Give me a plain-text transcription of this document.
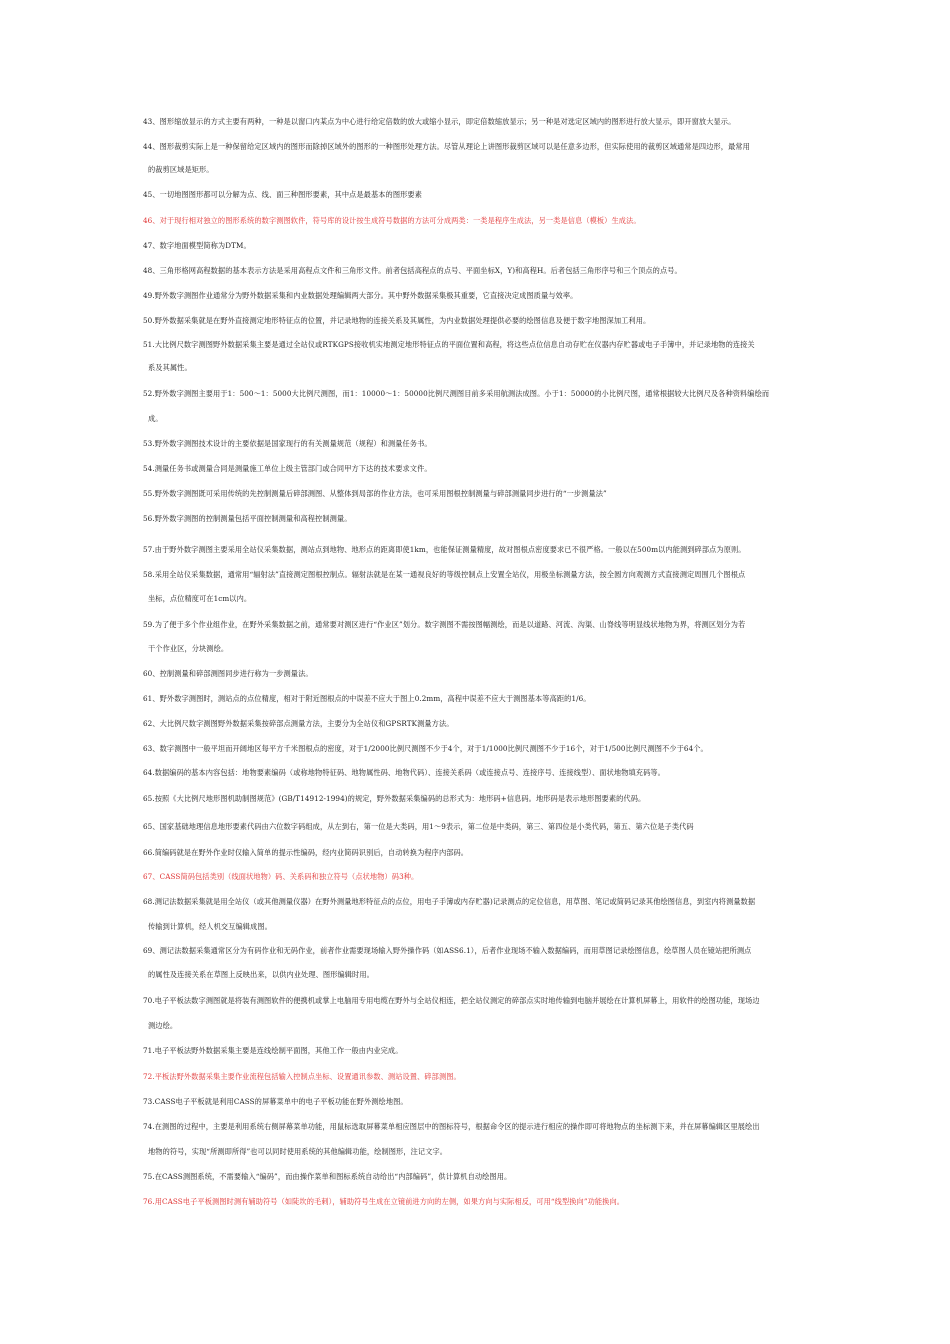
43、图形缩放显示的方式主要有两种，一种是以窗口内某点为中心进行给定倍数的放大或缩小显示，即定倍数缩放显示；另一种是对选定区域内的图形进行放大显示，即开窗放大显示。
44、图形裁剪实际上是一种保留给定区域内的图形而除掉区域外的图形的一种图形处理方法。尽管从理论上讲图形裁剪区域可以是任意多边形，但实际使用的裁剪区域通常是四边形，最常用
的裁剪区域是矩形。
45、一切地图图形都可以分解为点、线、面三种图形要素，其中点是最基本的图形要素
46、对于现行相对独立的图形系统的数字测图软件，符号库的设计按生成符号数据的方法可分成两类：一类是程序生成法，另一类是信息（模板）生成法。
47、数字地面模型简称为DTM。
48、三角形格网高程数据的基本表示方法是采用高程点文件和三角形文件。前者包括高程点的点号、平面坐标X，Y)和高程H。后者包括三角形序号和三个顶点的点号。
49.野外数字测图作业通常分为野外数据采集和内业数据处理编辑两大部分。其中野外数据采集极其重要，它直接决定成图质量与效率。
50.野外数据采集就是在野外直接测定地形特征点的位置，并记录地物的连接关系及其属性，为内业数据处理提供必要的绘图信息及便于数字地图深加工利用。
51.大比例尺数字测图野外数据采集主要是通过全站仪或RTKGPS接收机实地测定地形特征点的平面位置和高程，将这些点位信息自动存贮在仪器内存贮器或电子手簿中，并记录地物的连接关
系及其属性。
52.野外数字测图主要用于1：500～1：5000大比例尺测图，而1：10000～1：50000比例尺测图目前多采用航测法成图。小于1：50000的小比例尺图，通常根据较大比例尺及各种资料编绘而
成。
53.野外数字测图技术设计的主要依据是国家现行的有关测量规范（规程）和测量任务书。
54.测量任务书或测量合同是测量施工单位上级主管部门或合同甲方下达的技术要求文件。
55.野外数字测图既可采用传统的先控制测量后碎部测图、从整体到局部的作业方法，也可采用图根控制测量与碎部测量同步进行的“一步测量法”
56.野外数字测图的控制测量包括平面控制测量和高程控制测量。
57.由于野外数字测图主要采用全站仪采集数据，测站点到地物、地形点的距离即使1km，也能保证测量精度，故对图根点密度要求已不很严格。一般以在500m以内能测到碎部点为原则。
58.采用全站仪采集数据，通常用“辐射法”直接测定图根控制点。辐射法就是在某一通视良好的等级控制点上安置全站仪，用极坐标测量方法，按全圆方向观测方式直接测定周围几个图根点
坐标，点位精度可在1cm以内。
59.为了便于多个作业组作业，在野外采集数据之前，通常要对测区进行“作业区”划分。数字测图不需按图幅测绘，而是以道路、河流、沟渠、山脊线等明显线状地物为界，将测区划分为若
干个作业区，分块测绘。
60、控制测量和碎部测图同步进行称为一步测量法。
61、野外数字测图时，测站点的点位精度，相对于附近图根点的中误差不应大于图上0.2mm，高程中误差不应大于测图基本等高距的1/6。
62、大比例尺数字测图野外数据采集按碎部点测量方法，主要分为全站仪和GPSRTK测量方法。
63、数字测图中一般平坦而开阔地区每平方千米图根点的密度，对于1/2000比例尺测图不少于4个，对于1/1000比例尺测图不少于16个，对于1/500比例尺测图不少于64个。
64.数据编码的基本内容包括：地物要素编码（或称地物特征码、地物属性码、地物代码）、连接关系码（或连接点号、连接序号、连接线型）、面状地物填充码等。
65.按照《大比例尺地形图机助制图规范》(GB/T14912-1994)的规定，野外数据采集编码的总形式为：地形码+信息码。地形码是表示地形图要素的代码。
65、国家基础地理信息地形要素代码由六位数字码组成，从左到右，第一位是大类码，用1～9表示，第二位是中类码，第三、第四位是小类代码，第五、第六位是子类代码
66.简编码就是在野外作业时仅输入简单的提示性编码，经内业简码识别后，自动转换为程序内部码。
67、CASS简码包括类别（线面状地物）码、关系码和独立符号（点状地物）码3种。
68.测记法数据采集就是用全站仪（或其他测量仪器）在野外测量地形特征点的点位，用电子手簿或内存贮器)记录测点的定位信息，用草图、笔记或简码记录其他绘图信息，到室内将测量数据
传输到计算机，经人机交互编辑成图。
69、测记法数据采集通常区分为有码作业和无码作业，前者作业需要现场输入野外操作码（如ASS6.1），后者作业现场不输入数据编码，而用草图记录绘图信息，绘草图人员在镜站把所测点
的属性及连接关系在草图上反映出来，以供内业处理、图形编辑时用。
70.电子平板法数字测图就是将装有测图软件的便携机或掌上电脑用专用电缆在野外与全站仪相连，把全站仪测定的碎部点实时地传输到电脑并展绘在计算机屏幕上，用软件的绘图功能，现场边
测边绘。
71.电子平板法野外数据采集主要是连线绘制平面图，其他工作一般由内业完成。
72.平板法野外数据采集主要作业流程包括输入控制点坐标、设置通讯参数、测站设置、碎部测图。
73.CASS电子平板就是利用CASS的屏幕菜单中的电子平板功能在野外测绘地图。
74.在测图的过程中，主要是利用系统右侧屏幕菜单功能，用鼠标选取屏幕菜单相应图层中的图标符号，根据命令区的提示进行相应的操作即可将地物点的坐标测下来，并在屏幕编辑区里展绘出
地物的符号，实现“所测即所得”也可以同时使用系统的其他编辑功能，绘制图形，注记文字。
75.在CASS测图系统，不需要输入“编码”，而由操作菜单和图标系统自动给出“内部编码”，供计算机自动绘图用。
76.用CASS电子平板测图时测有辅助符号（如陡坎的毛刺），辅助符号生成在立镜前进方向的左侧，如果方向与实际相反，可用“线型换向”功能换向。
